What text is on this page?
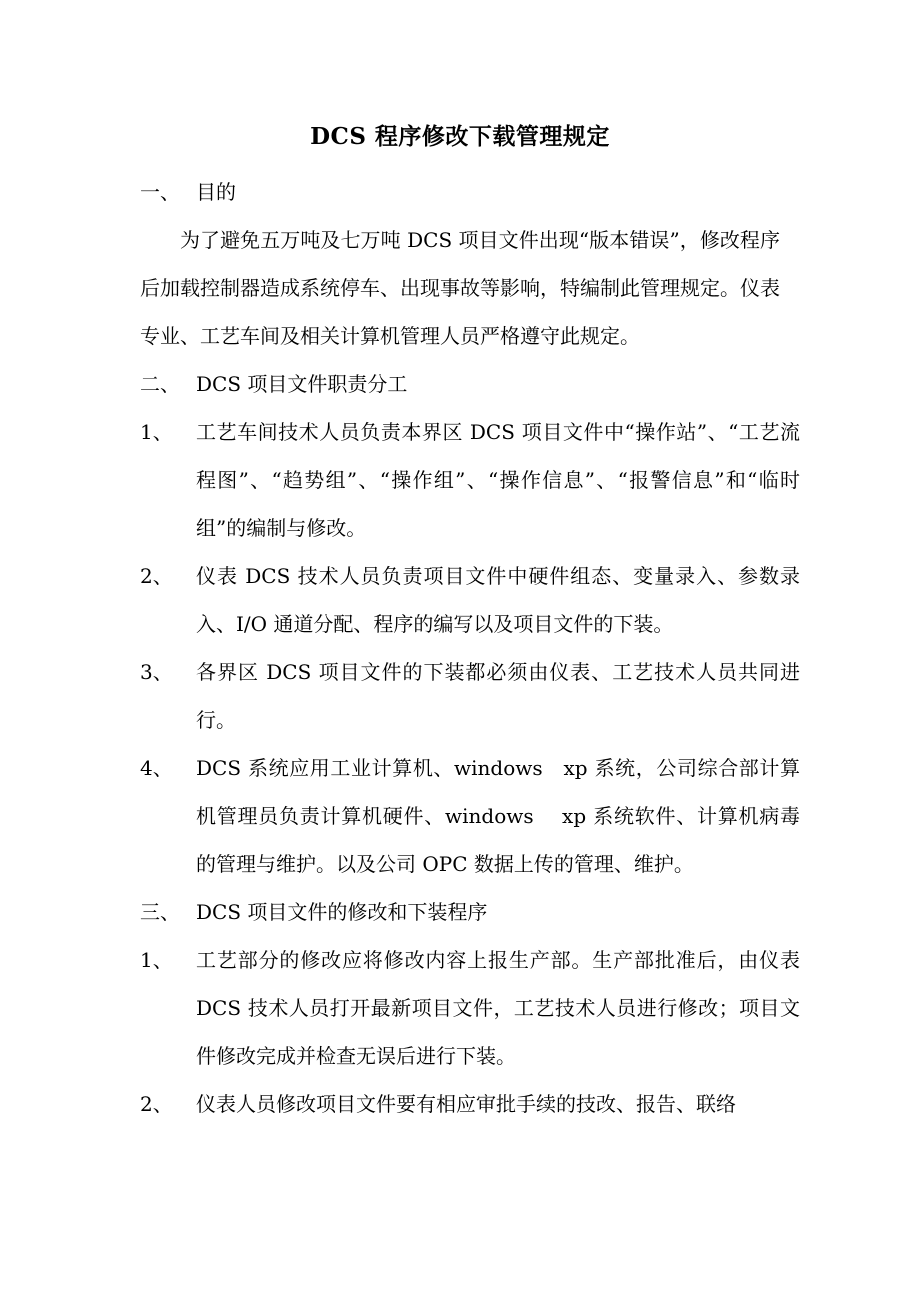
DCS 程序修改下载管理规定
一、 目的
为了避免五万吨及七万吨 DCS 项目文件出现“版本错误”，修改程序后加载控制器造成系统停车、出现事故等影响，特编制此管理规定。仪表专业、工艺车间及相关计算机管理人员严格遵守此规定。
二、 DCS 项目文件职责分工
1、	工艺车间技术人员负责本界区 DCS 项目文件中“操作站”、“工艺流程图”、“趋势组”、“操作组”、“操作信息”、“报警信息”和“临时组”的编制与修改。
2、	仪表 DCS 技术人员负责项目文件中硬件组态、变量录入、参数录入、I/O 通道分配、程序的编写以及项目文件的下装。
3、	各界区 DCS 项目文件的下装都必须由仪表、工艺技术人员共同进行。
4、	DCS 系统应用工业计算机、windows   xp 系统，公司综合部计算机管理员负责计算机硬件、windows    xp 系统软件、计算机病毒的管理与维护。以及公司 OPC 数据上传的管理、维护。
三、 DCS 项目文件的修改和下装程序
1、	工艺部分的修改应将修改内容上报生产部。生产部批准后，由仪表 DCS 技术人员打开最新项目文件，工艺技术人员进行修改；项目文件修改完成并检查无误后进行下装。
2、	仪表人员修改项目文件要有相应审批手续的技改、报告、联络
